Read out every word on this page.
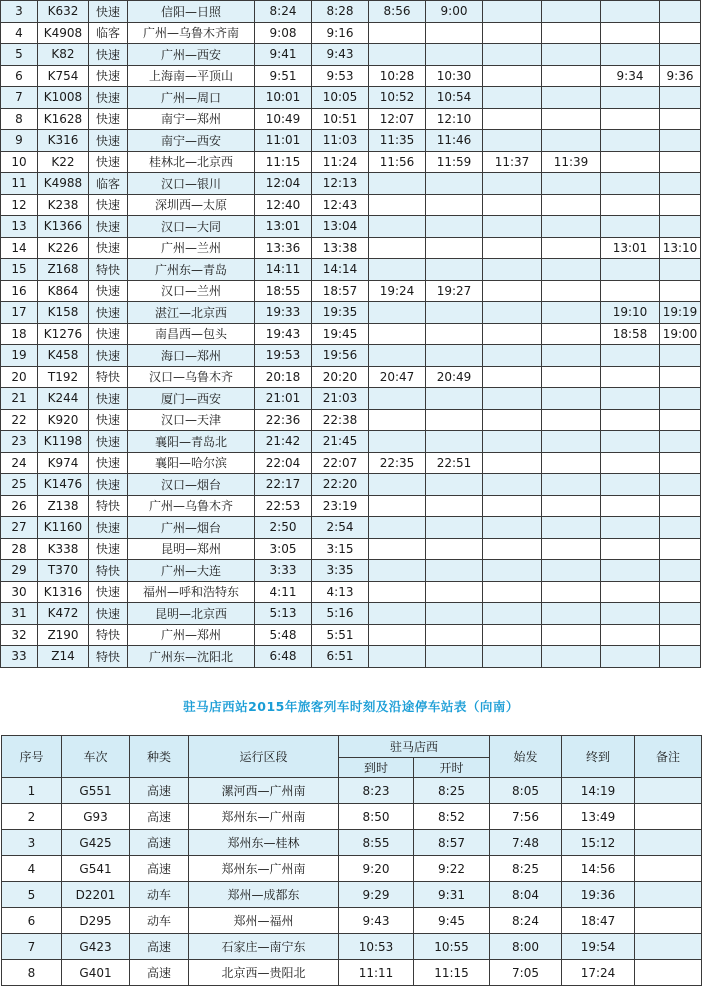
3	K632	快速	信阳—日照	8:24	8:28	8:56	9:00				
4	K4908	临客	广州—乌鲁木齐南	9:08	9:16						
5	K82	快速	广州—西安	9:41	9:43						
6	K754	快速	上海南—平顶山	9:51	9:53	10:28	10:30			9:34	9:36
7	K1008	快速	广州—周口	10:01	10:05	10:52	10:54				
8	K1628	快速	南宁—郑州	10:49	10:51	12:07	12:10				
9	K316	快速	南宁—西安	11:01	11:03	11:35	11:46				
10	K22	快速	桂林北—北京西	11:15	11:24	11:56	11:59	11:37	11:39		
11	K4988	临客	汉口—银川	12:04	12:13						
12	K238	快速	深圳西—太原	12:40	12:43						
13	K1366	快速	汉口—大同	13:01	13:04						
14	K226	快速	广州—兰州	13:36	13:38					13:01	13:10
15	Z168	特快	广州东—青岛	14:11	14:14						
16	K864	快速	汉口—兰州	18:55	18:57	19:24	19:27				
17	K158	快速	湛江—北京西	19:33	19:35					19:10	19:19
18	K1276	快速	南昌西—包头	19:43	19:45					18:58	19:00
19	K458	快速	海口—郑州	19:53	19:56						
20	T192	特快	汉口—乌鲁木齐	20:18	20:20	20:47	20:49				
21	K244	快速	厦门—西安	21:01	21:03						
22	K920	快速	汉口—天津	22:36	22:38						
23	K1198	快速	襄阳—青岛北	21:42	21:45						
24	K974	快速	襄阳—哈尔滨	22:04	22:07	22:35	22:51				
25	K1476	快速	汉口—烟台	22:17	22:20						
26	Z138	特快	广州—乌鲁木齐	22:53	23:19						
27	K1160	快速	广州—烟台	2:50	2:54						
28	K338	快速	昆明—郑州	3:05	3:15						
29	T370	特快	广州—大连	3:33	3:35						
30	K1316	快速	福州—呼和浩特东	4:11	4:13						
31	K472	快速	昆明—北京西	5:13	5:16						
32	Z190	特快	广州—郑州	5:48	5:51						
33	Z14	特快	广州东—沈阳北	6:48	6:51						
驻马店西站2015年旅客列车时刻及沿途停车站表（向南）
序号	车次	种类	运行区段	驻马店西		始发	终到	备注
				到时	开时			
1	G551	高速	漯河西—广州南	8:23	8:25	8:05	14:19	
2	G93	高速	郑州东—广州南	8:50	8:52	7:56	13:49	
3	G425	高速	郑州东—桂林	8:55	8:57	7:48	15:12	
4	G541	高速	郑州东—广州南	9:20	9:22	8:25	14:56	
5	D2201	动车	郑州—成都东	9:29	9:31	8:04	19:36	
6	D295	动车	郑州—福州	9:43	9:45	8:24	18:47	
7	G423	高速	石家庄—南宁东	10:53	10:55	8:00	19:54	
8	G401	高速	北京西—贵阳北	11:11	11:15	7:05	17:24	
